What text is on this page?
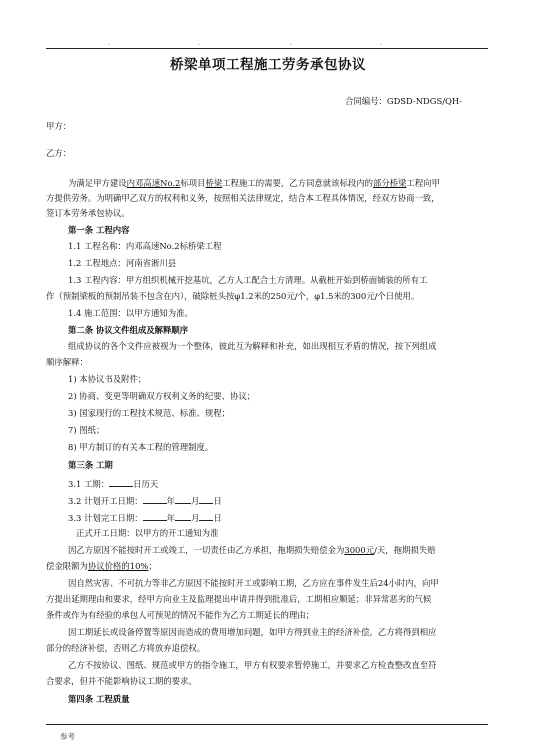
.	.	.	.
桥梁单项工程施工劳务承包协议
合同编号：GDSD-NDGS/QH-
甲方：
乙方：
为满足甲方建设内邓高速No.2标项目桥梁工程施工的需要，乙方同意就该标段内的部分桥梁工程向甲
方提供劳务。为明确甲乙双方的权利和义务，按照相关法律规定，结合本工程具体情况，经双方协商一致，
签订本劳务承包协议。
第一条 工程内容
1.1 工程名称：内邓高速No.2标桥梁工程
1.2 工程地点：河南省淅川县
1.3 工程内容：甲方组织机械开挖基坑，乙方人工配合土方清理。从截桩开始到桥面铺装的所有工
作（预制梁板的预制吊装不包含在内），破除桩头按φ1.2米的250元/个，φ1.5米的300元/个日使用。
1.4 施工范围：以甲方通知为准。
第二条 协议文件组成及解释顺序
组成协议的各个文件应被视为一个整体，彼此互为解释和补充，如出现相互矛盾的情况，按下列组成
顺序解释：
1) 本协议书及附件；
2) 协商、变更等明确双方权利义务的纪要、协议；
3) 国家现行的工程技术规范、标准、规程；
7) 图纸；
8) 甲方制订的有关本工程的管理制度。
第三条 工期
3.1 工期：	日历天
3.2 计划开工日期：	年 月 日
3.3 计划完工日期：	年 月 日
正式开工日期：以甲方的开工通知为准
因乙方原因不能按时开工或竣工，一切责任由乙方承担，拖期损失赔偿金为3000元/天，拖期损失赔
偿金限额为协议价格的10%；
因自然灾害、不可抗力等非乙方原因不能按时开工或影响工期，乙方应在事件发生后24小时内，向甲
方提出延期理由和要求，经甲方向业主及监理提出申请并得到批准后，工期相应顺延；非异常恶劣的气候
条件或作为有经验的承包人可预见的情况不能作为乙方工期延长的理由；
因工期延长或设备停置等原因而造成的费用增加问题，如甲方得到业主的经济补偿，乙方将得到相应
部分的经济补偿，否则乙方将放弃追偿权。
乙方不按协议、图纸、规范或甲方的指令施工，甲方有权要求暂停施工，并要求乙方检查整改直至符
合要求，但并不能影响协议工期的要求。
第四条 工程质量
参考
